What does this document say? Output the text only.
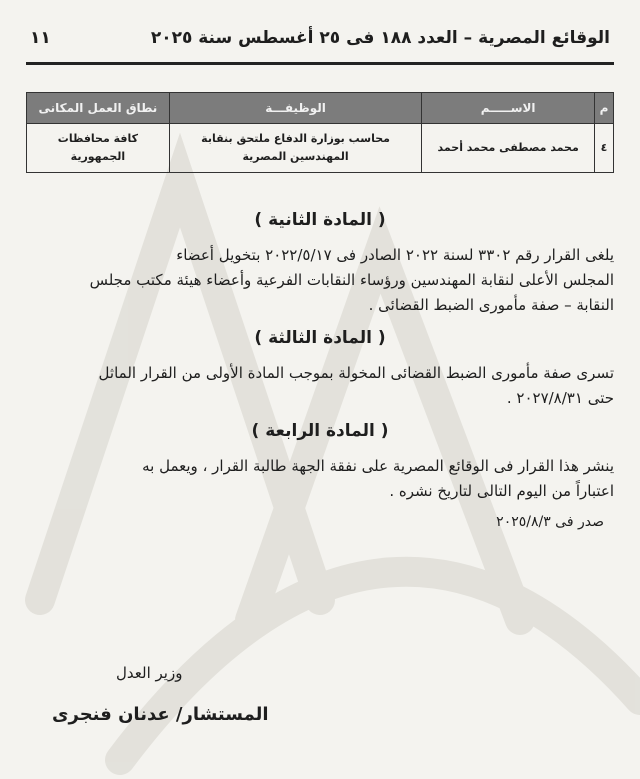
الوقائع المصرية – العدد ١٨٨ فى ٢٥ أغسطس سنة ٢٠٢٥
١١
م	الاســـــم	الوظيفـــة	نطاق العمل المكانى
٤	محمد مصطفى محمد أحمد	محاسب بوزارة الدفاع ملتحق بنقابة المهندسين المصرية	كافة محافظات الجمهورية
( المادة الثانية )

يلغى القرار رقم ٣٣٠٢ لسنة ٢٠٢٢ الصادر فى ٢٠٢٢/٥/١٧ بتخويل أعضاء

المجلس الأعلى لنقابة المهندسين ورؤساء النقابات الفرعية وأعضاء هيئة مكتب مجلس

النقابة – صفة مأمورى الضبط القضائى .

( المادة الثالثة )

تسرى صفة مأمورى الضبط القضائى المخولة بموجب المادة الأولى من القرار الماثل

حتى ٢٠٢٧/٨/٣١ .

( المادة الرابعة )

ينشر هذا القرار فى الوقائع المصرية على نفقة الجهة طالبة القرار ، ويعمل به

اعتباراً من اليوم التالى لتاريخ نشره .

صدر فى ٢٠٢٥/٨/٣

وزير العدل
المستشار/ عدنان فنجرى
